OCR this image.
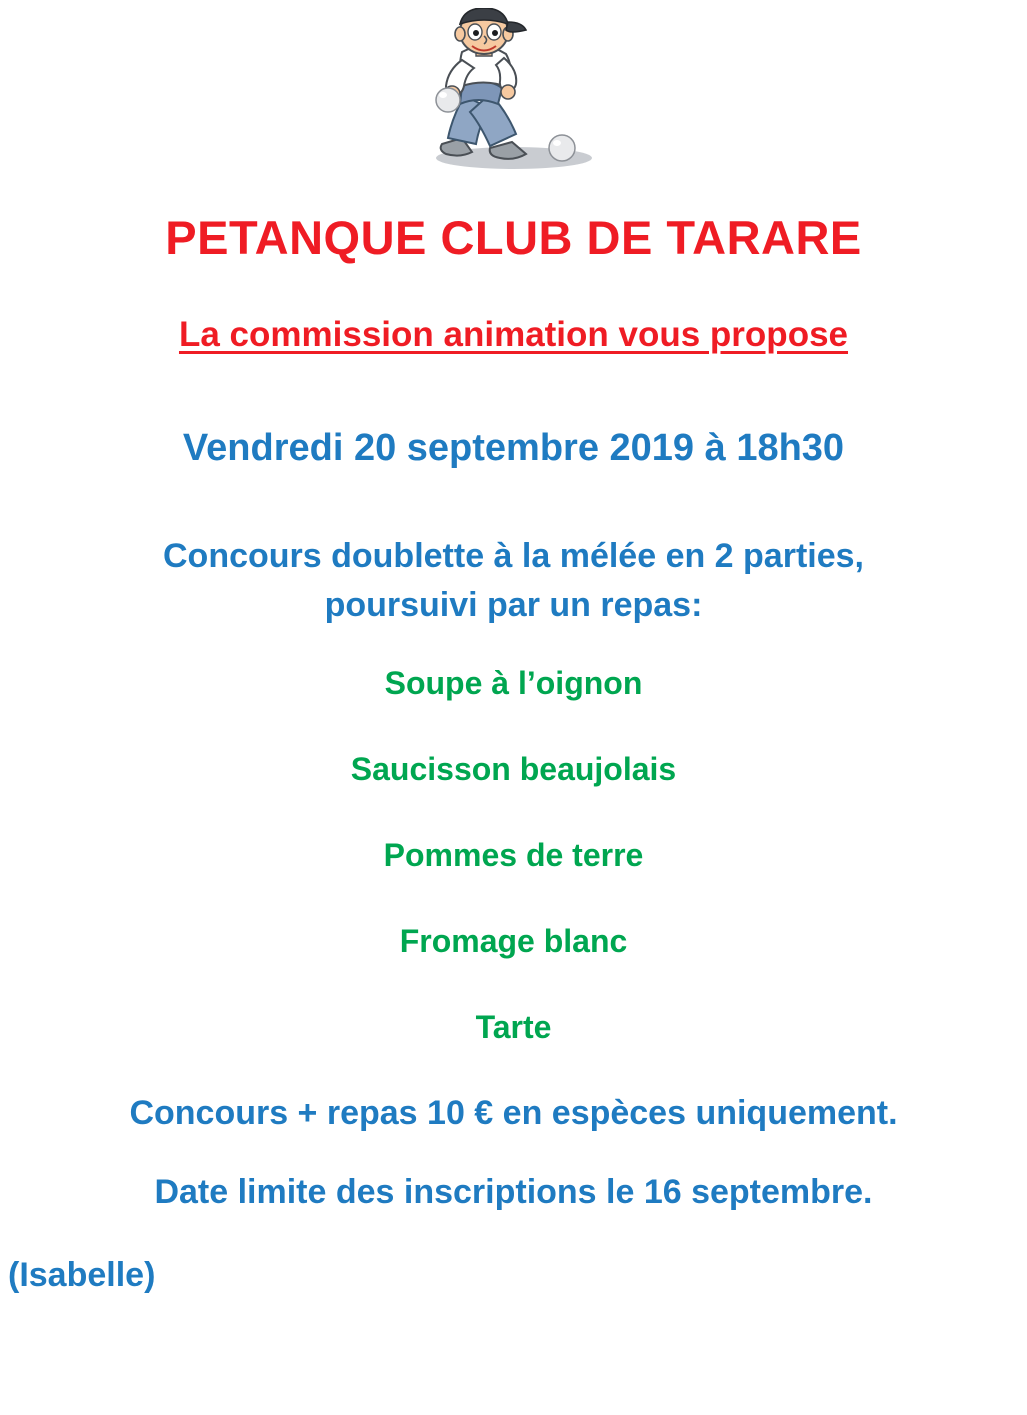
PETANQUE CLUB DE TARARE
La commission animation vous propose

Vendredi 20 septembre 2019 à 18h30

Concours doublette à la mélée en 2 parties,
poursuivi par un repas:

Soupe à l’oignon
Saucisson beaujolais
Pommes de terre
Fromage blanc
Tarte

Concours + repas 10 € en espèces uniquement.

Date limite des inscriptions le 16 septembre.

(Isabelle)
